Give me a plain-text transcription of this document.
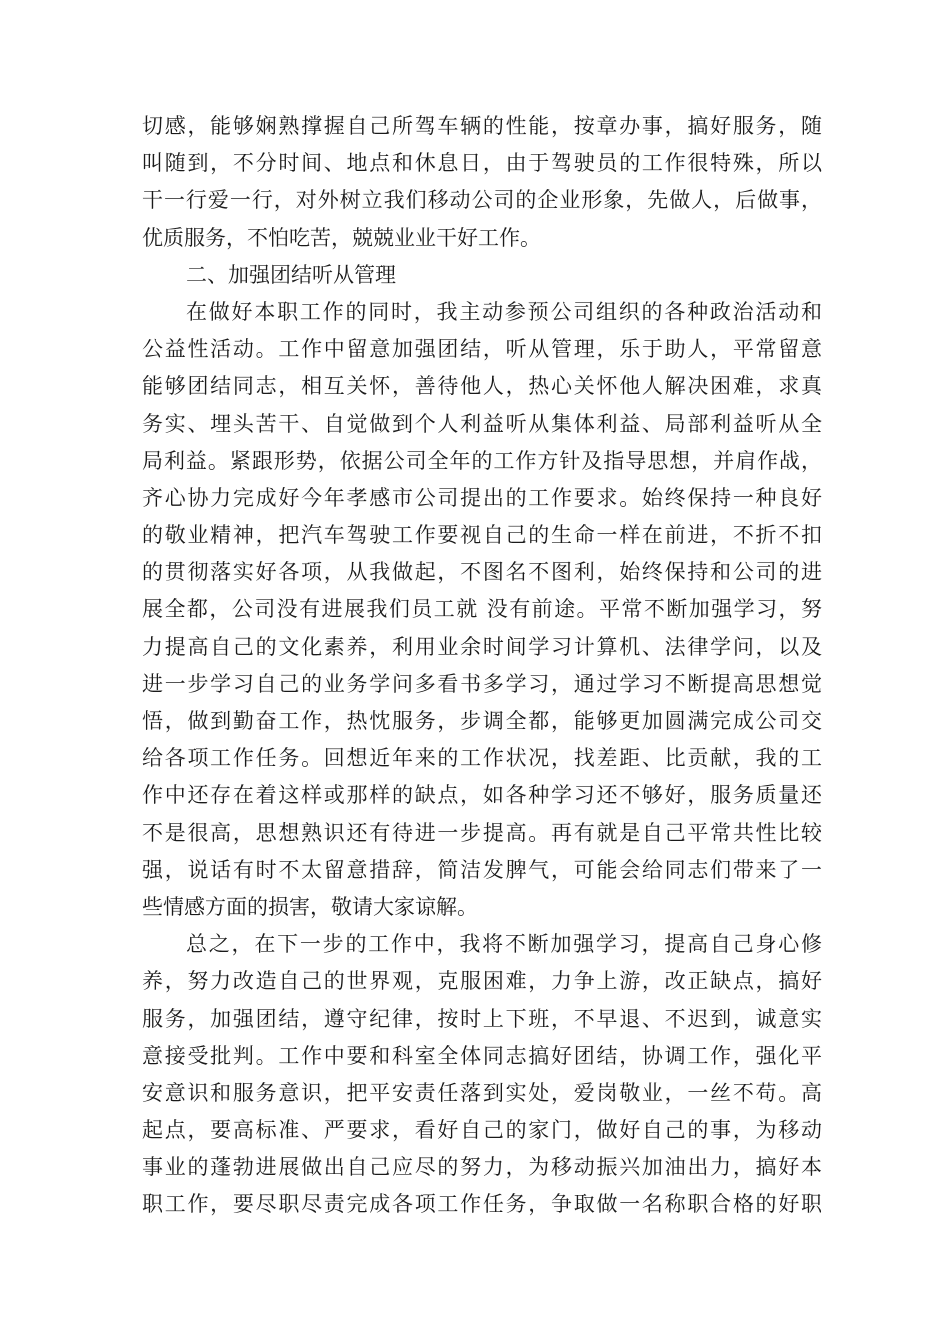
切感，能够娴熟撑握自己所驾车辆的性能，按章办事，搞好服务，随
叫随到，不分时间、地点和休息日，由于驾驶员的工作很特殊，所以
干一行爱一行，对外树立我们移动公司的企业形象，先做人，后做事，
优质服务，不怕吃苦，兢兢业业干好工作。
二、加强团结听从管理
在做好本职工作的同时，我主动参预公司组织的各种政治活动和
公益性活动。工作中留意加强团结，听从管理，乐于助人，平常留意
能够团结同志，相互关怀，善待他人，热心关怀他人解决困难，求真
务实、埋头苦干、自觉做到个人利益听从集体利益、局部利益听从全
局利益。紧跟形势，依据公司全年的工作方针及指导思想，并肩作战，
齐心协力完成好今年孝感市公司提出的工作要求。始终保持一种良好
的敬业精神，把汽车驾驶工作要视自己的生命一样在前进，不折不扣
的贯彻落实好各项，从我做起，不图名不图利，始终保持和公司的进
展全都，公司没有进展我们员工就 没有前途。平常不断加强学习，努
力提高自己的文化素养，利用业余时间学习计算机、法律学问，以及
进一步学习自己的业务学问多看书多学习，通过学习不断提高思想觉
悟，做到勤奋工作，热忱服务，步调全都，能够更加圆满完成公司交
给各项工作任务。回想近年来的工作状况，找差距、比贡献，我的工
作中还存在着这样或那样的缺点，如各种学习还不够好，服务质量还
不是很高，思想熟识还有待进一步提高。再有就是自己平常共性比较
强，说话有时不太留意措辞，简洁发脾气，可能会给同志们带来了一
些情感方面的损害，敬请大家谅解。
总之，在下一步的工作中，我将不断加强学习，提高自己身心修
养，努力改造自己的世界观，克服困难，力争上游，改正缺点，搞好
服务，加强团结，遵守纪律，按时上下班，不早退、不迟到，诚意实
意接受批判。工作中要和科室全体同志搞好团结，协调工作，强化平
安意识和服务意识，把平安责任落到实处，爱岗敬业，一丝不苟。高
起点，要高标准、严要求，看好自己的家门，做好自己的事，为移动
事业的蓬勃进展做出自己应尽的努力，为移动振兴加油出力，搞好本
职工作，要尽职尽责完成各项工作任务，争取做一名称职合格的好职
